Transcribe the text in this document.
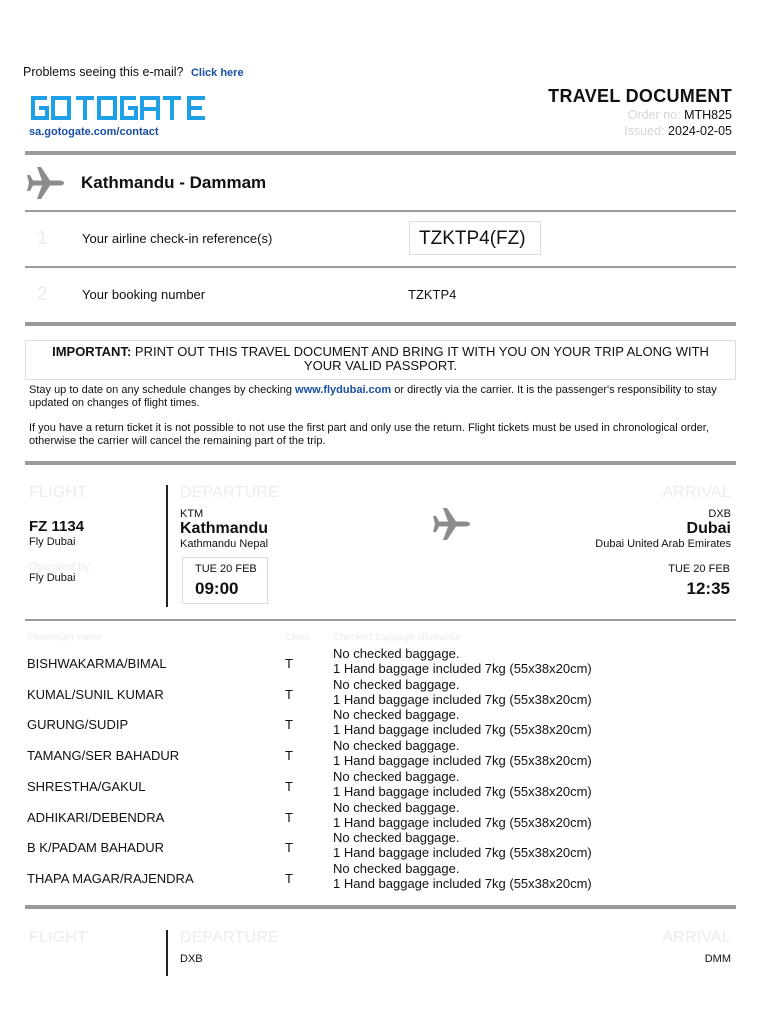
Problems seeing this e-mail? Click here
sa.gotogate.com/contact
TRAVEL DOCUMENT
Order no: MTH825
Issued: 2024-02-05
Kathmandu - Dammam
1	Your airline check-in reference(s)	TZKTP4(FZ)
2	Your booking number	TZKTP4
IMPORTANT: PRINT OUT THIS TRAVEL DOCUMENT AND BRING IT WITH YOU ON YOUR TRIP ALONG WITH YOUR VALID PASSPORT.
Stay up to date on any schedule changes by checking www.flydubai.com or directly via the carrier. It is the passenger's responsibility to stay updated on changes of flight times.
If you have a return ticket it is not possible to not use the first part and only use the return. Flight tickets must be used in chronological order, otherwise the carrier will cancel the remaining part of the trip.
FLIGHT	DEPARTURE	ARRIVAL
FZ 1134
Fly Dubai
Operated by:
Fly Dubai
KTM
Kathmandu
Kathmandu Nepal
TUE 20 FEB
09:00
DXB
Dubai
Dubai United Arab Emirates
TUE 20 FEB
12:35
Passenger name	Class Checked baggage allowance
BISHWAKARMA/BIMAL	T
No checked baggage.
1 Hand baggage included 7kg (55x38x20cm)
KUMAL/SUNIL KUMAR	T
No checked baggage.
1 Hand baggage included 7kg (55x38x20cm)
GURUNG/SUDIP	T
No checked baggage.
1 Hand baggage included 7kg (55x38x20cm)
TAMANG/SER BAHADUR	T
No checked baggage.
1 Hand baggage included 7kg (55x38x20cm)
SHRESTHA/GAKUL	T
No checked baggage.
1 Hand baggage included 7kg (55x38x20cm)
ADHIKARI/DEBENDRA	T
No checked baggage.
1 Hand baggage included 7kg (55x38x20cm)
B K/PADAM BAHADUR	T
No checked baggage.
1 Hand baggage included 7kg (55x38x20cm)
THAPA MAGAR/RAJENDRA	T
No checked baggage.
1 Hand baggage included 7kg (55x38x20cm)
FLIGHT	DEPARTURE	ARRIVAL
DXB	DMM
